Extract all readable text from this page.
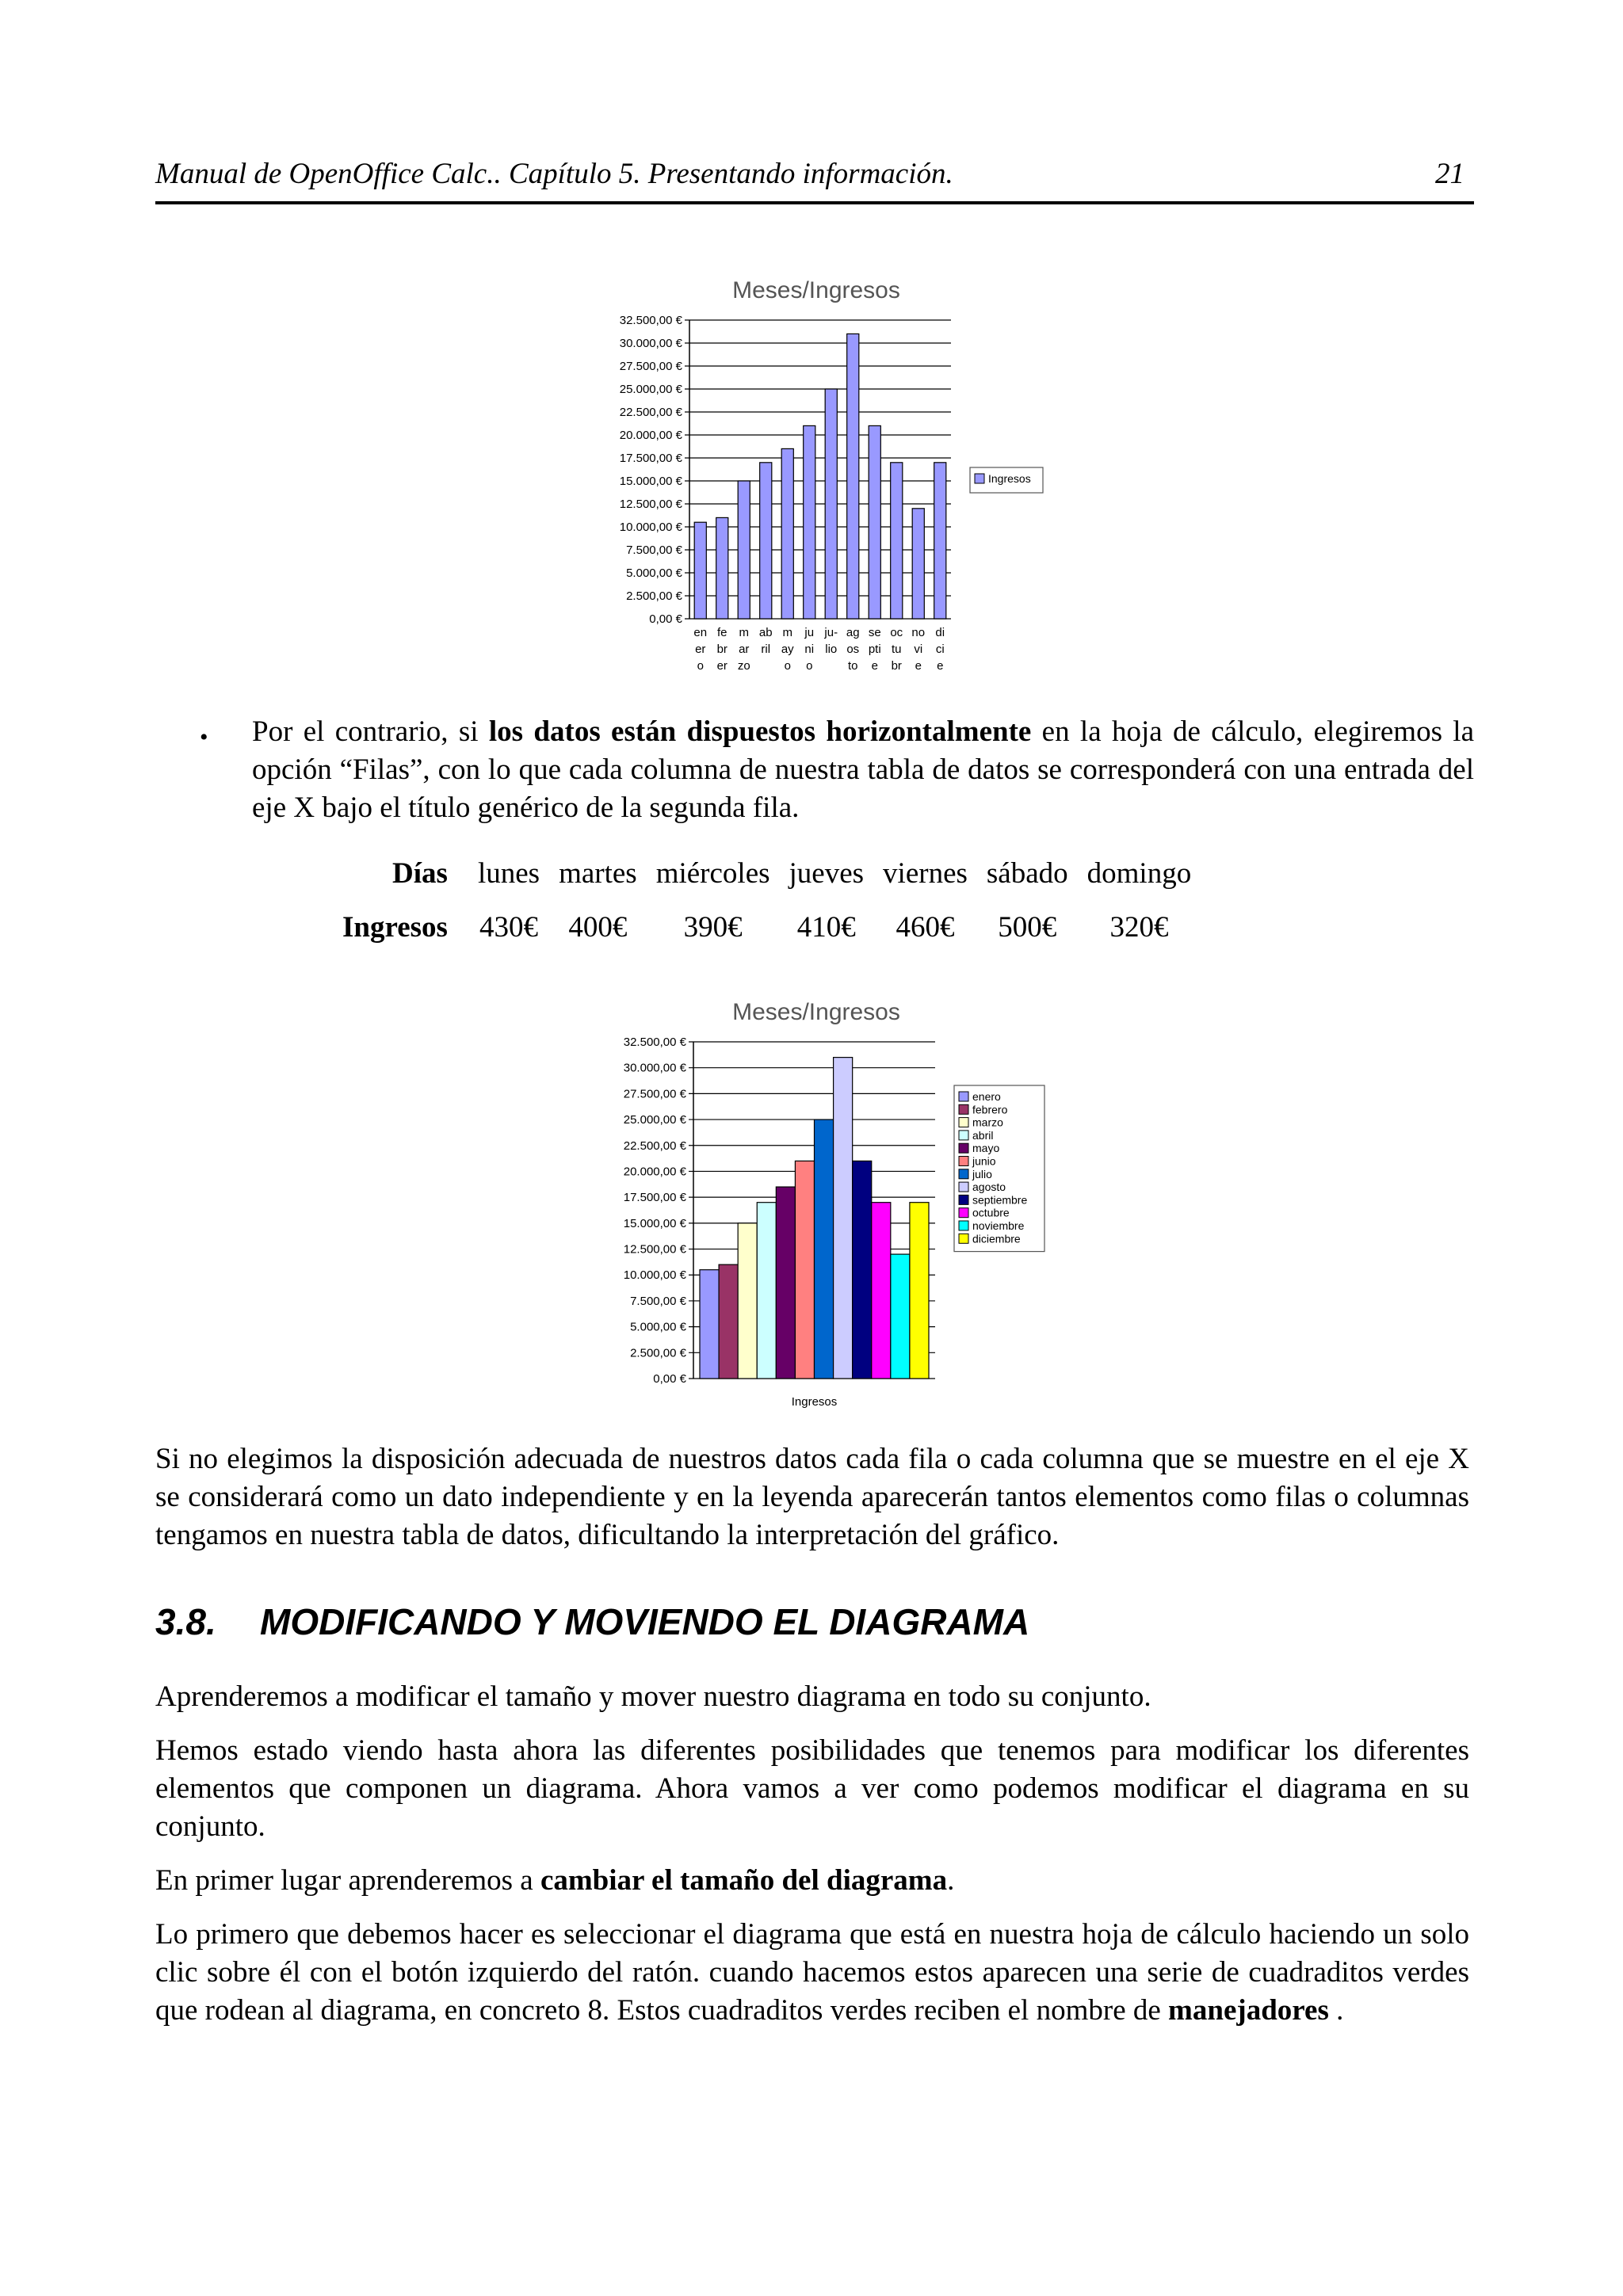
Manual de OpenOffice Calc.. Capítulo 5. Presentando información.	21
Meses/Ingresos
0,00 €
2.500,00 €
5.000,00 €
7.500,00 €
10.000,00 €
12.500,00 €
15.000,00 €
17.500,00 €
20.000,00 €
22.500,00 €
25.000,00 €
27.500,00 €
30.000,00 €
32.500,00 €
en
er
o
fe
br
er
m
ar
zo
ab
ril
m
ay
o
ju
ni
o
ju-
lio
ag
os
to
se
pti
e
oc
tu
br
no
vi
e
di
ci
e
Ingresos
• Por el contrario, si los datos están dispuestos horizontalmente en la hoja de cálculo, elegiremos la opción “Filas”, con lo que cada columna de nuestra tabla de datos se corresponderá con una entrada del eje X bajo el título genérico de la segunda fila.

Días	lunes	martes	miércoles	jueves	viernes	sábado	domingo
Ingresos	430€	400€	390€	410€	460€	500€	320€
Meses/Ingresos
0,00 €
2.500,00 €
5.000,00 €
7.500,00 €
10.000,00 €
12.500,00 €
15.000,00 €
17.500,00 €
20.000,00 €
22.500,00 €
25.000,00 €
27.500,00 €
30.000,00 €
32.500,00 €
Ingresos
enero
febrero
marzo
abril
mayo
junio
julio
agosto
septiembre
octubre
noviembre
diciembre

Si no elegimos la disposición adecuada de nuestros datos cada fila o cada columna que se muestre en el eje X se considerará como un dato independiente y en la leyenda aparecerán tantos elementos como filas o columnas tengamos en nuestra tabla de datos, dificultando la interpretación del gráfico.

3.8. MODIFICANDO Y MOVIENDO EL DIAGRAMA

Aprenderemos a modificar el tamaño y mover nuestro diagrama en todo su conjunto.

Hemos estado viendo hasta ahora las diferentes posibilidades que tenemos para modificar los diferentes elementos que componen un diagrama. Ahora vamos a ver como podemos modificar el diagrama en su conjunto.

En primer lugar aprenderemos a cambiar el tamaño del diagrama.

Lo primero que debemos hacer es seleccionar el diagrama que está en nuestra hoja de cálculo haciendo un solo clic sobre él con el botón izquierdo del ratón. cuando hacemos estos aparecen una serie de cuadraditos verdes que rodean al diagrama, en concreto 8. Estos cuadraditos verdes reciben el nombre de manejadores .
